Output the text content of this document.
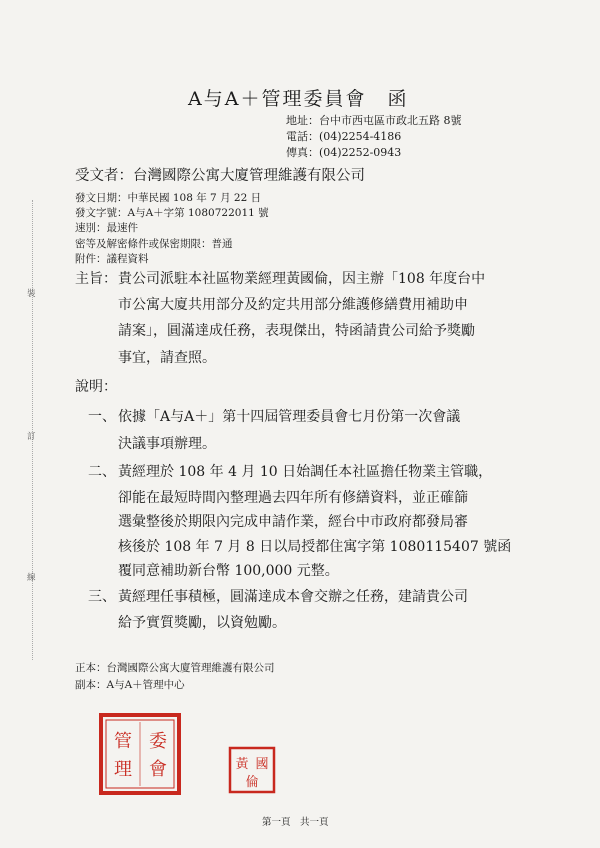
A与A＋管理委員會　函
地址：台中市西屯區市政北五路 8號
電話：(04)2254-4186
傳真：(04)2252-0943
受文者：台灣國際公寓大廈管理維護有限公司
發文日期：中華民國 108 年 7 月 22 日
發文字號：A与A＋字第 1080722011 號
速別：最速件
密等及解密條件或保密期限：普通
附件：議程資料
主旨： 貴公司派駐本社區物業經理黃國倫，因主辦「108 年度台中
市公寓大廈共用部分及約定共用部分維護修繕費用補助申
請案」，圓滿達成任務，表現傑出，特函請貴公司給予獎勵
事宜，請查照。
說明：
一、 依據「A与A＋」第十四屆管理委員會七月份第一次會議
決議事項辦理。
二、 黃經理於 108 年 4 月 10 日始調任本社區擔任物業主管職，
卻能在最短時間內整理過去四年所有修繕資料，並正確篩
選彙整後於期限內完成申請作業，經台中市政府都發局審
核後於 108 年 7 月 8 日以局授都住寓字第 1080115407 號函
覆同意補助新台幣 100,000 元整。
三、 黃經理任事積極，圓滿達成本會交辦之任務，建請貴公司
給予實質獎勵，以資勉勵。
正本：台灣國際公寓大廈管理維護有限公司
副本：A与A＋管理中心
裝
訂
線
管
理
委
會	黃 國
倫
第一頁　共一頁
